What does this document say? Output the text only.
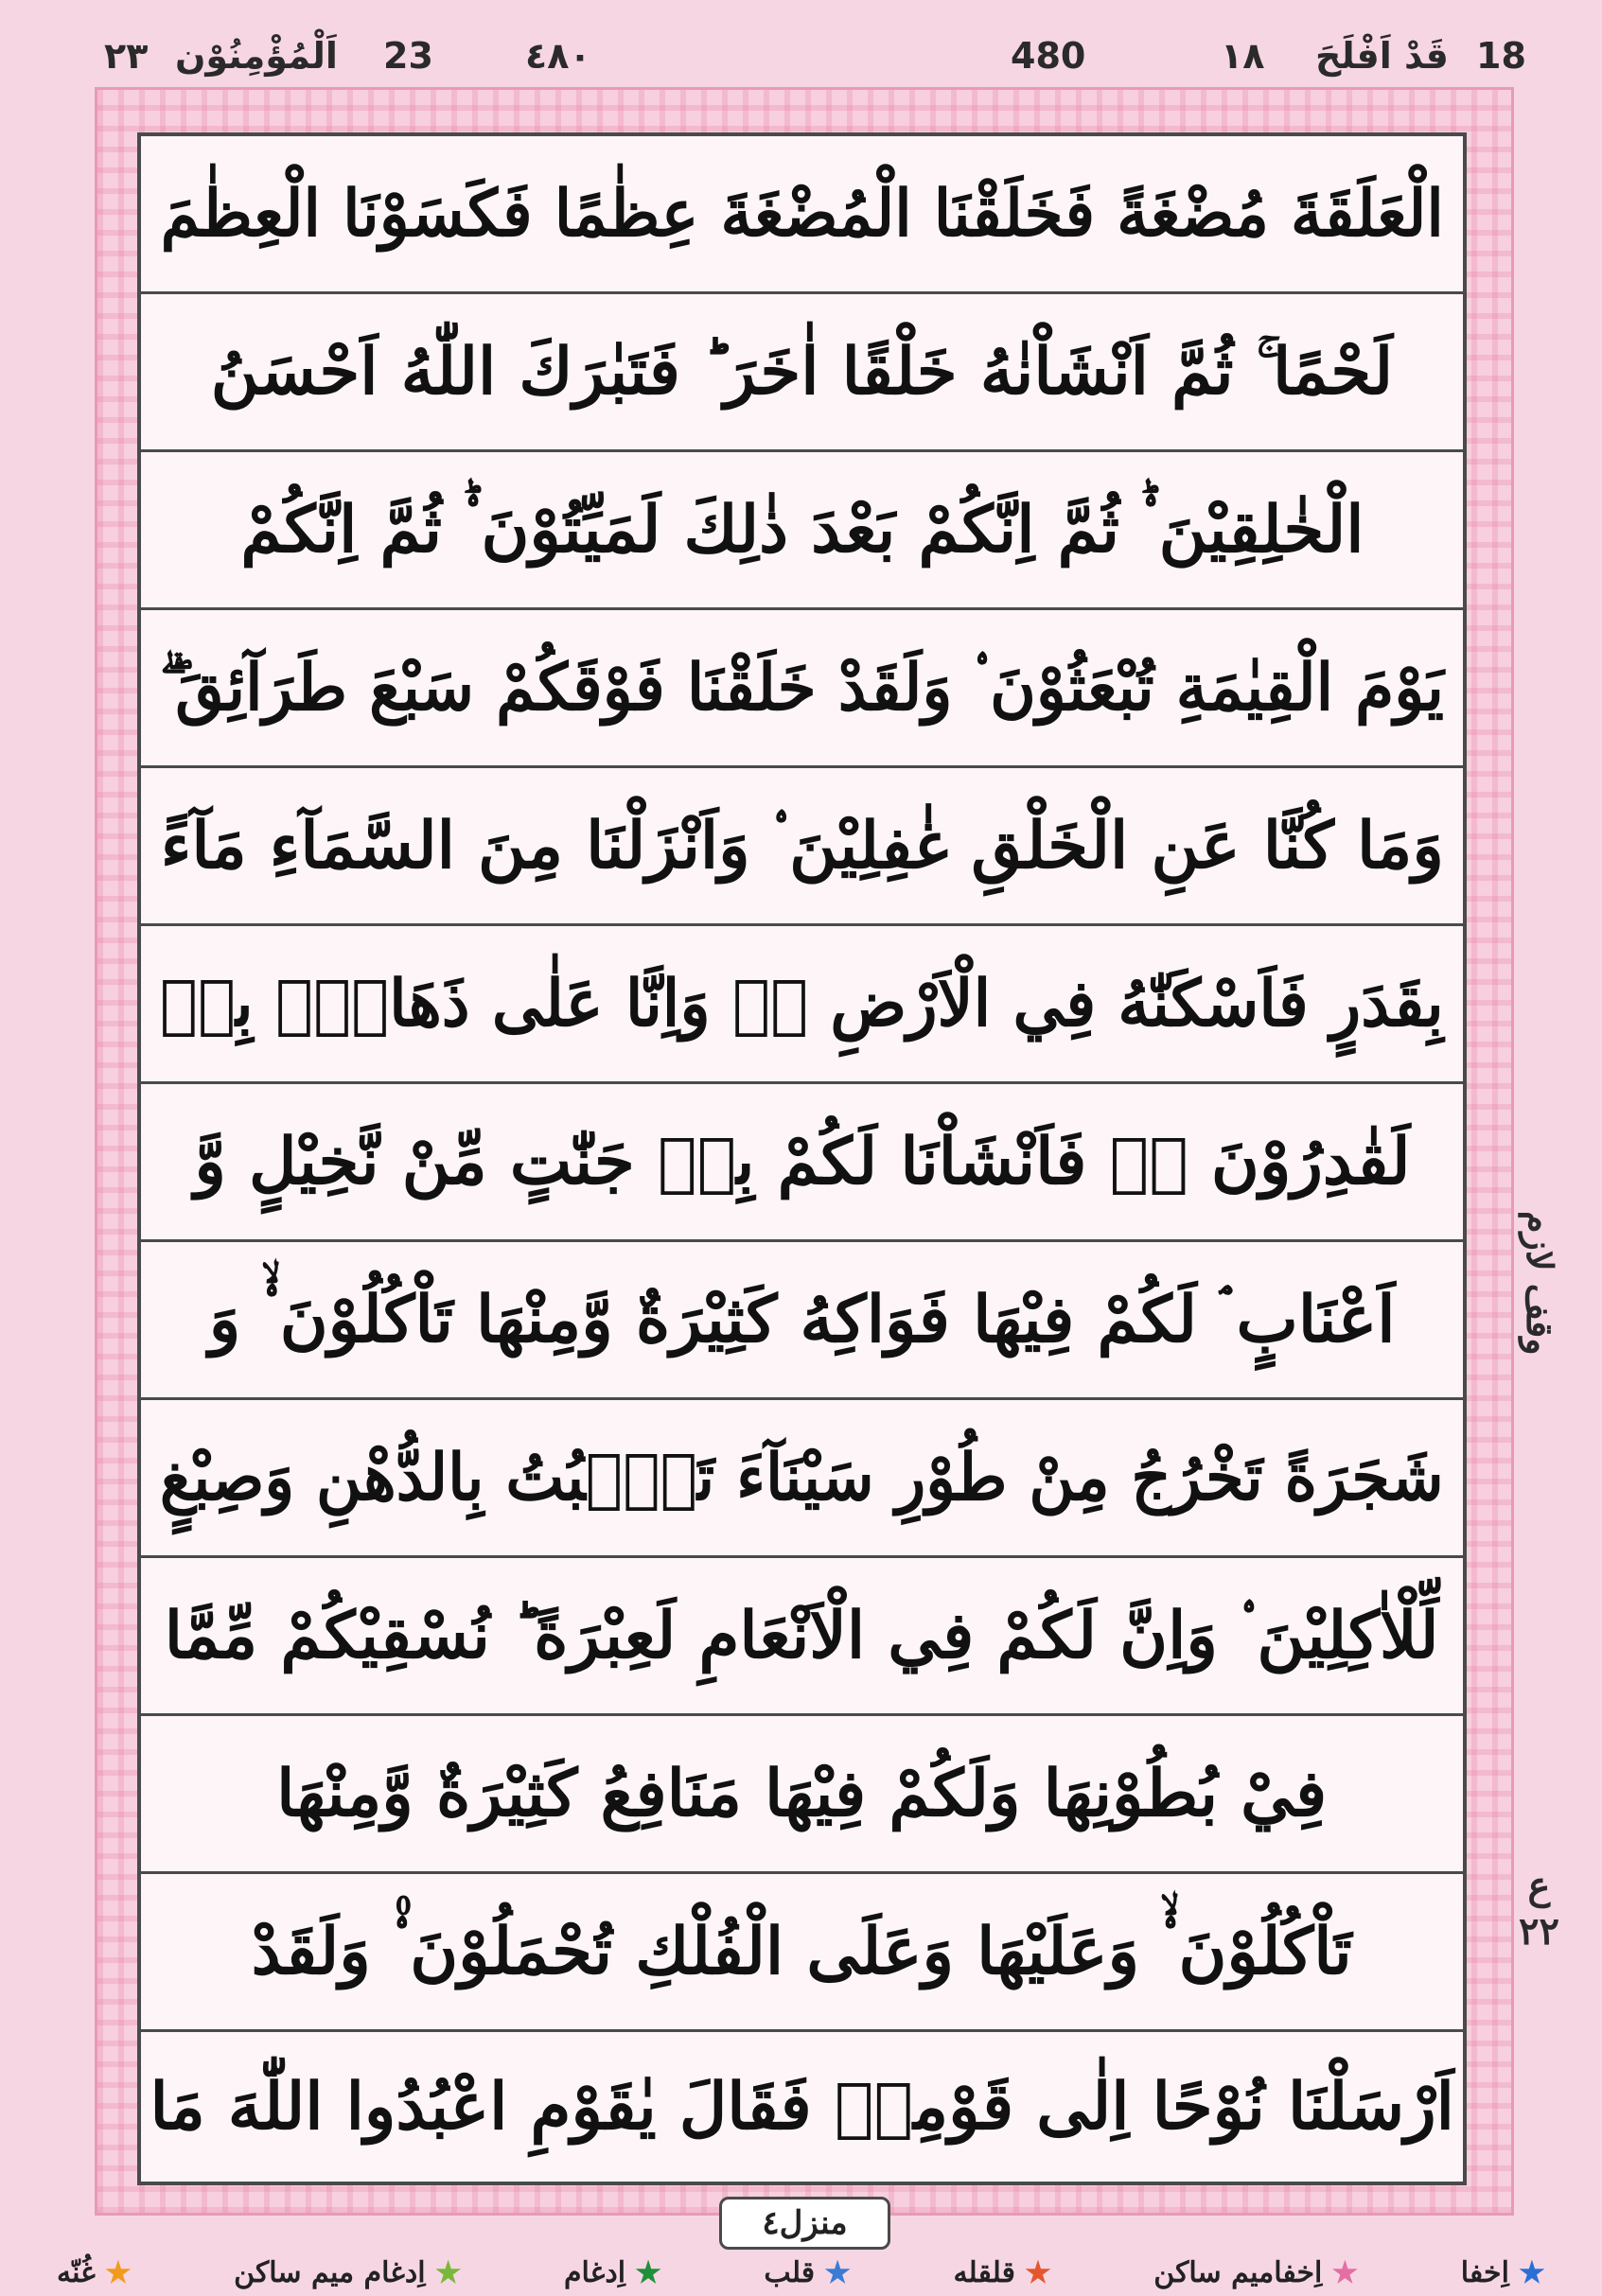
18
قَدْ اَفْلَحَ
١٨
480
٤٨٠
23
اَلْمُؤْمِنُوْن
٢٣
الْعَلَقَةَ مُضْغَةً فَخَلَقْنَا الْمُضْغَةَ عِظٰمًا فَكَسَوْنَا الْعِظٰمَ
لَحْمًا ۚ ثُمَّ اَنْشَاْنٰهُ خَلْقًا اٰخَرَ ؕ فَتَبٰرَكَ اللّٰهُ اَحْسَنُ
الْخٰلِقِيْنَ ۟ؕ ثُمَّ اِنَّكُمْ بَعْدَ ذٰلِكَ لَمَيِّتُوْنَ ۟ؕ ثُمَّ اِنَّكُمْ
يَوْمَ الْقِيٰمَةِ تُبْعَثُوْنَ ۟ وَلَقَدْ خَلَقْنَا فَوْقَكُمْ سَبْعَ طَرَآئِقَ ۖۗ
وَمَا كُنَّا عَنِ الْخَلْقِ غٰفِلِيْنَ ۟ وَاَنْزَلْنَا مِنَ السَّمَآءِ مَآءً
بِقَدَرٍ فَاَسْكَنّٰهُ فِي الْاَرْضِ ۖۗ وَاِنَّا عَلٰى ذَهَابٍۭ بِهٖ
لَقٰدِرُوْنَ ۟ۚ فَاَنْشَاْنَا لَكُمْ بِهٖ جَنّٰتٍ مِّنْ نَّخِيْلٍ وَّ
اَعْنَابٍ ۘ لَكُمْ فِيْهَا فَوَاكِهُ كَثِيْرَةٌ وَّمِنْهَا تَاْكُلُوْنَ ۟ۙ وَ
شَجَرَةً تَخْرُجُ مِنْ طُوْرِ سَيْنَآءَ تَنْۢبُتُ بِالدُّهْنِ وَصِبْغٍ
لِّلْاٰكِلِيْنَ ۟ وَاِنَّ لَكُمْ فِي الْاَنْعَامِ لَعِبْرَةً ؕ نُسْقِيْكُمْ مِّمَّا
فِيْ بُطُوْنِهَا وَلَكُمْ فِيْهَا مَنَافِعُ كَثِيْرَةٌ وَّمِنْهَا
تَاْكُلُوْنَ ۟ۙ وَعَلَيْهَا وَعَلَى الْفُلْكِ تُحْمَلُوْنَ ۟۠ وَلَقَدْ
اَرْسَلْنَا نُوْحًا اِلٰى قَوْمِهٖ فَقَالَ يٰقَوْمِ اعْبُدُوا اللّٰهَ مَا
وقف لازم
ع
٢٢
منزل٤
اِخفا
اِخفامیم ساکن
قلقله
قلب
اِدغام
اِدغام میم ساکن
غُنّه
